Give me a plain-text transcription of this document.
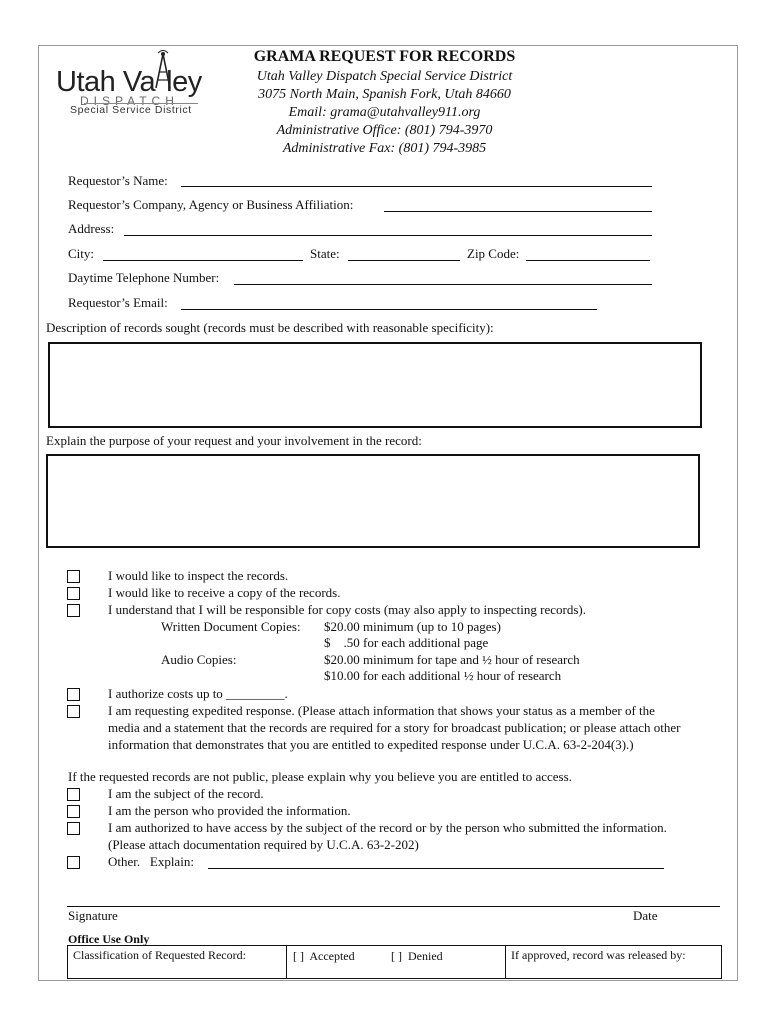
Utah Va ley
DISPATCH
Special Service District
GRAMA REQUEST FOR RECORDS
Utah Valley Dispatch Special Service District
3075 North Main, Spanish Fork, Utah 84660
Email: grama@utahvalley911.org
Administrative Office: (801) 794-3970
Administrative Fax: (801) 794-3985
Requestor’s Name:
Requestor’s Company, Agency or Business Affiliation:
Address:
City:	State:	Zip Code:
Daytime Telephone Number:
Requestor’s Email:
Description of records sought (records must be described with reasonable specificity):
Explain the purpose of your request and your involvement in the record:
I would like to inspect the records.
I would like to receive a copy of the records.
I understand that I will be responsible for copy costs (may also apply to inspecting records).
Written Document Copies: $20.00 minimum (up to 10 pages)
$    .50 for each additional page
Audio Copies:	$20.00 minimum for tape and ½ hour of research
$10.00 for each additional ½ hour of research
I authorize costs up to _________.
I am requesting expedited response. (Please attach information that shows your status as a member of the
media and a statement that the records are required for a story for broadcast publication; or please attach other
information that demonstrates that you are entitled to expedited response under U.C.A. 63-2-204(3).)
If the requested records are not public, please explain why you believe you are entitled to access.
I am the subject of the record.
I am the person who provided the information.
I am authorized to have access by the subject of the record or by the person who submitted the information.
(Please attach documentation required by U.C.A. 63-2-202)
Other.   Explain:
Signature	Date
Office Use Only
Classification of Requested Record:	[ ]  Accepted	[ ]  Denied	If approved, record was released by:
